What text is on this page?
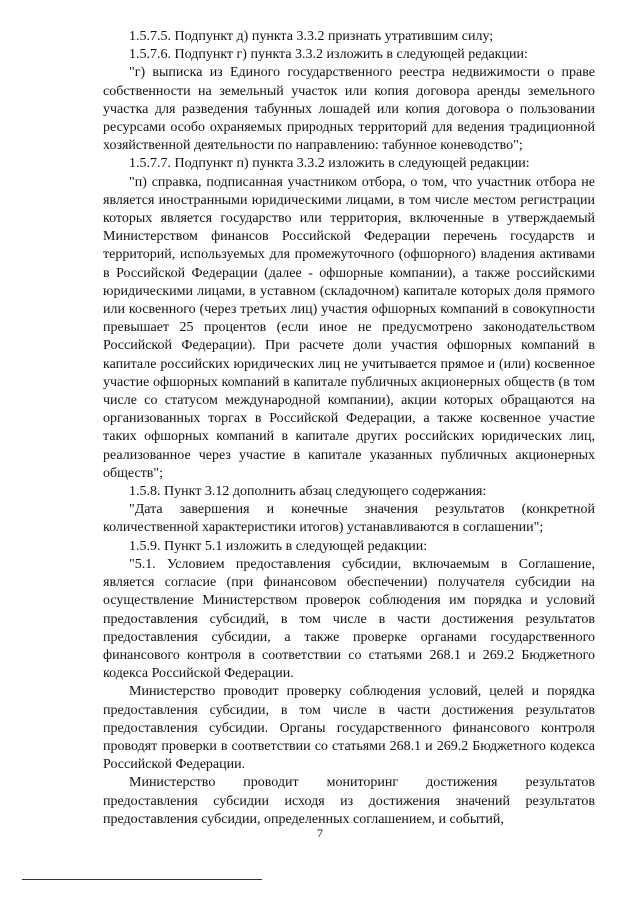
1.5.7.5. Подпункт д) пункта 3.3.2 признать утратившим силу;

1.5.7.6. Подпункт г) пункта 3.3.2 изложить в следующей редакции:

"г) выписка из Единого государственного реестра недвижимости о праве собственности на земельный участок или копия договора аренды земельного участка для разведения табунных лошадей или копия договора о пользовании ресурсами особо охраняемых природных территорий для ведения традиционной хозяйственной деятельности по направлению: табунное коневодство";

1.5.7.7. Подпункт п) пункта 3.3.2 изложить в следующей редакции:

"п) справка, подписанная участником отбора, о том, что участник отбора не является иностранными юридическими лицами, в том числе местом регистрации которых является государство или территория, включенные в утверждаемый Министерством финансов Российской Федерации перечень государств и территорий, используемых для промежуточного (офшорного) владения активами в Российской Федерации (далее - офшорные компании), а также российскими юридическими лицами, в уставном (складочном) капитале которых доля прямого или косвенного (через третьих лиц) участия офшорных компаний в совокупности превышает 25 процентов (если иное не предусмотрено законодательством Российской Федерации). При расчете доли участия офшорных компаний в капитале российских юридических лиц не учитывается прямое и (или) косвенное участие офшорных компаний в капитале публичных акционерных обществ (в том числе со статусом международной компании), акции которых обращаются на организованных торгах в Российской Федерации, а также косвенное участие таких офшорных компаний в капитале других российских юридических лиц, реализованное через участие в капитале указанных публичных акционерных обществ";

1.5.8. Пункт 3.12 дополнить абзац следующего содержания:

"Дата завершения и конечные значения результатов (конкретной количественной характеристики итогов) устанавливаются в соглашении";

1.5.9. Пункт 5.1 изложить в следующей редакции:

"5.1. Условием предоставления субсидии, включаемым в Соглашение, является согласие (при финансовом обеспечении) получателя субсидии на осуществление Министерством проверок соблюдения им порядка и условий предоставления субсидий, в том числе в части достижения результатов предоставления субсидии, а также проверке органами государственного финансового контроля в соответствии со статьями 268.1 и 269.2 Бюджетного кодекса Российской Федерации.

Министерство проводит проверку соблюдения условий, целей и порядка предоставления субсидии, в том числе в части достижения результатов предоставления субсидии. Органы государственного финансового контроля проводят проверки в соответствии со статьями 268.1 и 269.2 Бюджетного кодекса Российской Федерации.

Министерство проводит мониторинг достижения результатов предоставления субсидии исходя из достижения значений результатов предоставления субсидии, определенных соглашением, и событий,

7
